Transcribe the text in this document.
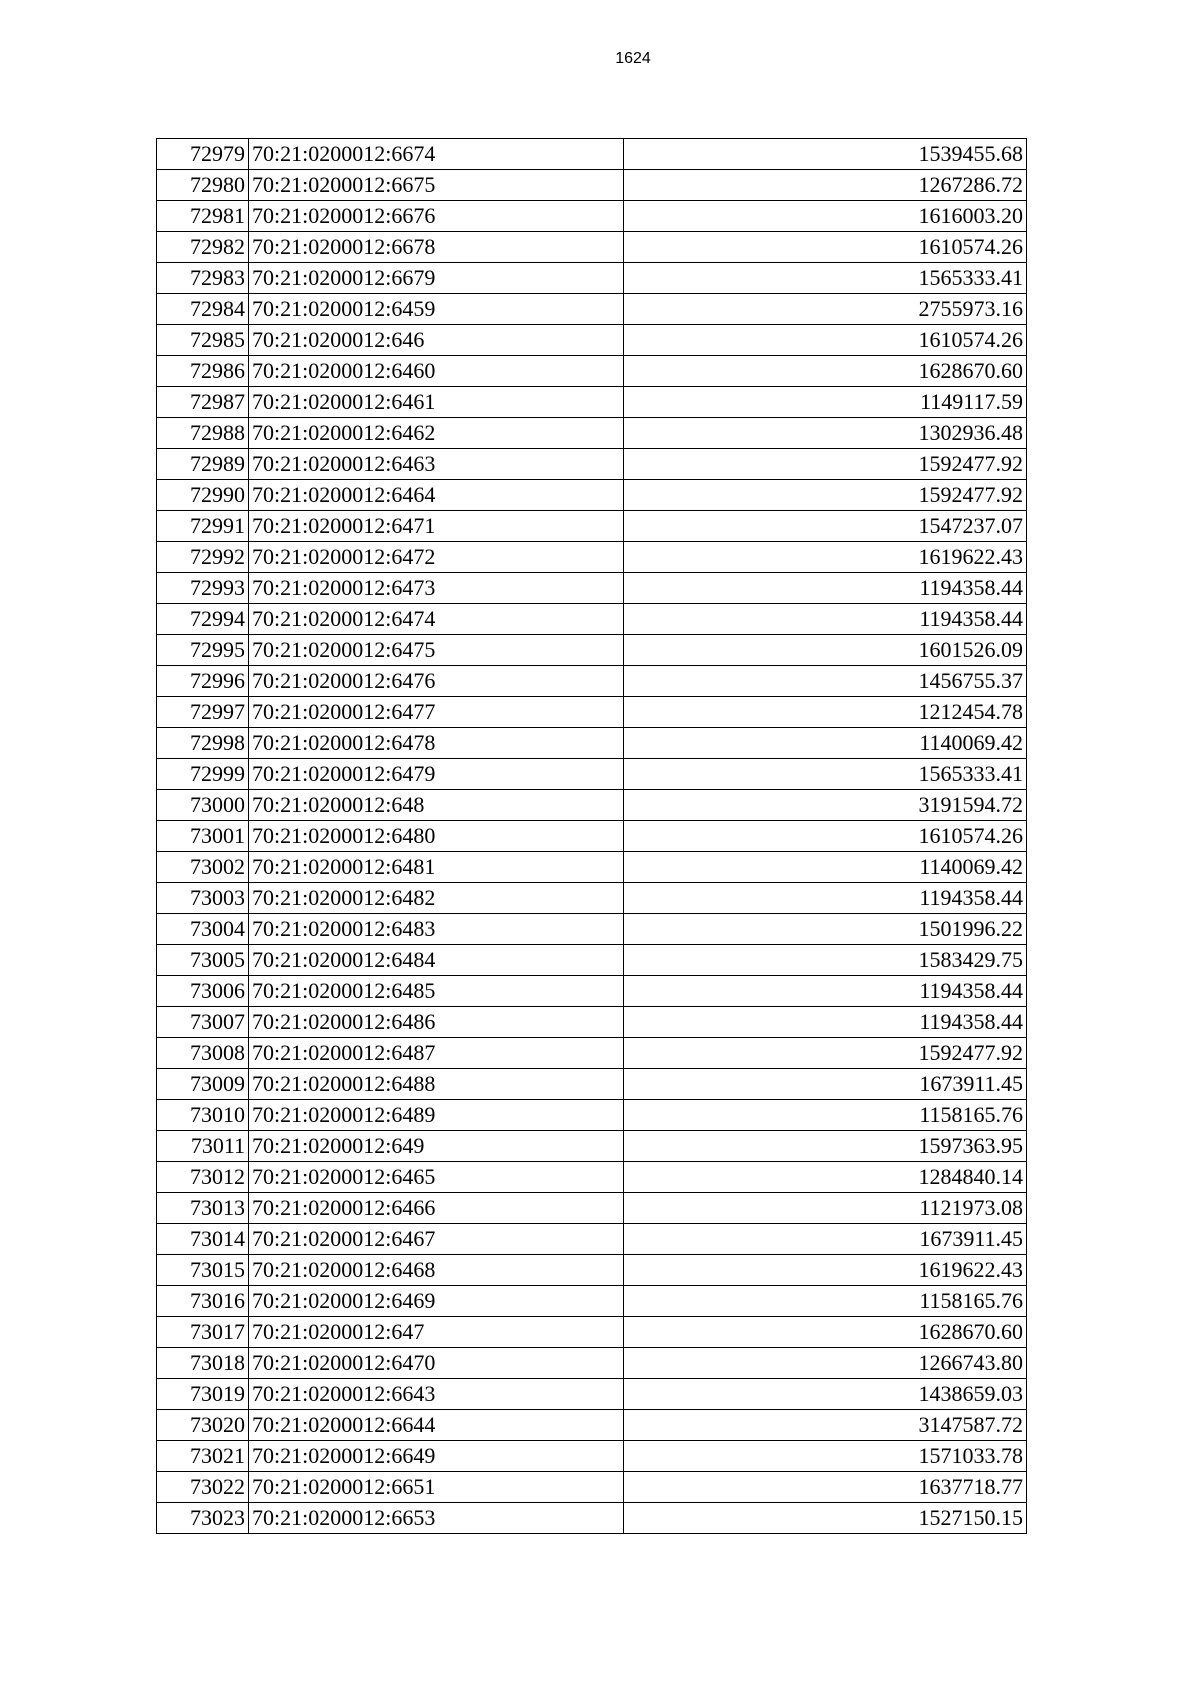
1624
72979	70:21:0200012:6674	1539455.68
72980	70:21:0200012:6675	1267286.72
72981	70:21:0200012:6676	1616003.20
72982	70:21:0200012:6678	1610574.26
72983	70:21:0200012:6679	1565333.41
72984	70:21:0200012:6459	2755973.16
72985	70:21:0200012:646	1610574.26
72986	70:21:0200012:6460	1628670.60
72987	70:21:0200012:6461	1149117.59
72988	70:21:0200012:6462	1302936.48
72989	70:21:0200012:6463	1592477.92
72990	70:21:0200012:6464	1592477.92
72991	70:21:0200012:6471	1547237.07
72992	70:21:0200012:6472	1619622.43
72993	70:21:0200012:6473	1194358.44
72994	70:21:0200012:6474	1194358.44
72995	70:21:0200012:6475	1601526.09
72996	70:21:0200012:6476	1456755.37
72997	70:21:0200012:6477	1212454.78
72998	70:21:0200012:6478	1140069.42
72999	70:21:0200012:6479	1565333.41
73000	70:21:0200012:648	3191594.72
73001	70:21:0200012:6480	1610574.26
73002	70:21:0200012:6481	1140069.42
73003	70:21:0200012:6482	1194358.44
73004	70:21:0200012:6483	1501996.22
73005	70:21:0200012:6484	1583429.75
73006	70:21:0200012:6485	1194358.44
73007	70:21:0200012:6486	1194358.44
73008	70:21:0200012:6487	1592477.92
73009	70:21:0200012:6488	1673911.45
73010	70:21:0200012:6489	1158165.76
73011	70:21:0200012:649	1597363.95
73012	70:21:0200012:6465	1284840.14
73013	70:21:0200012:6466	1121973.08
73014	70:21:0200012:6467	1673911.45
73015	70:21:0200012:6468	1619622.43
73016	70:21:0200012:6469	1158165.76
73017	70:21:0200012:647	1628670.60
73018	70:21:0200012:6470	1266743.80
73019	70:21:0200012:6643	1438659.03
73020	70:21:0200012:6644	3147587.72
73021	70:21:0200012:6649	1571033.78
73022	70:21:0200012:6651	1637718.77
73023	70:21:0200012:6653	1527150.15
